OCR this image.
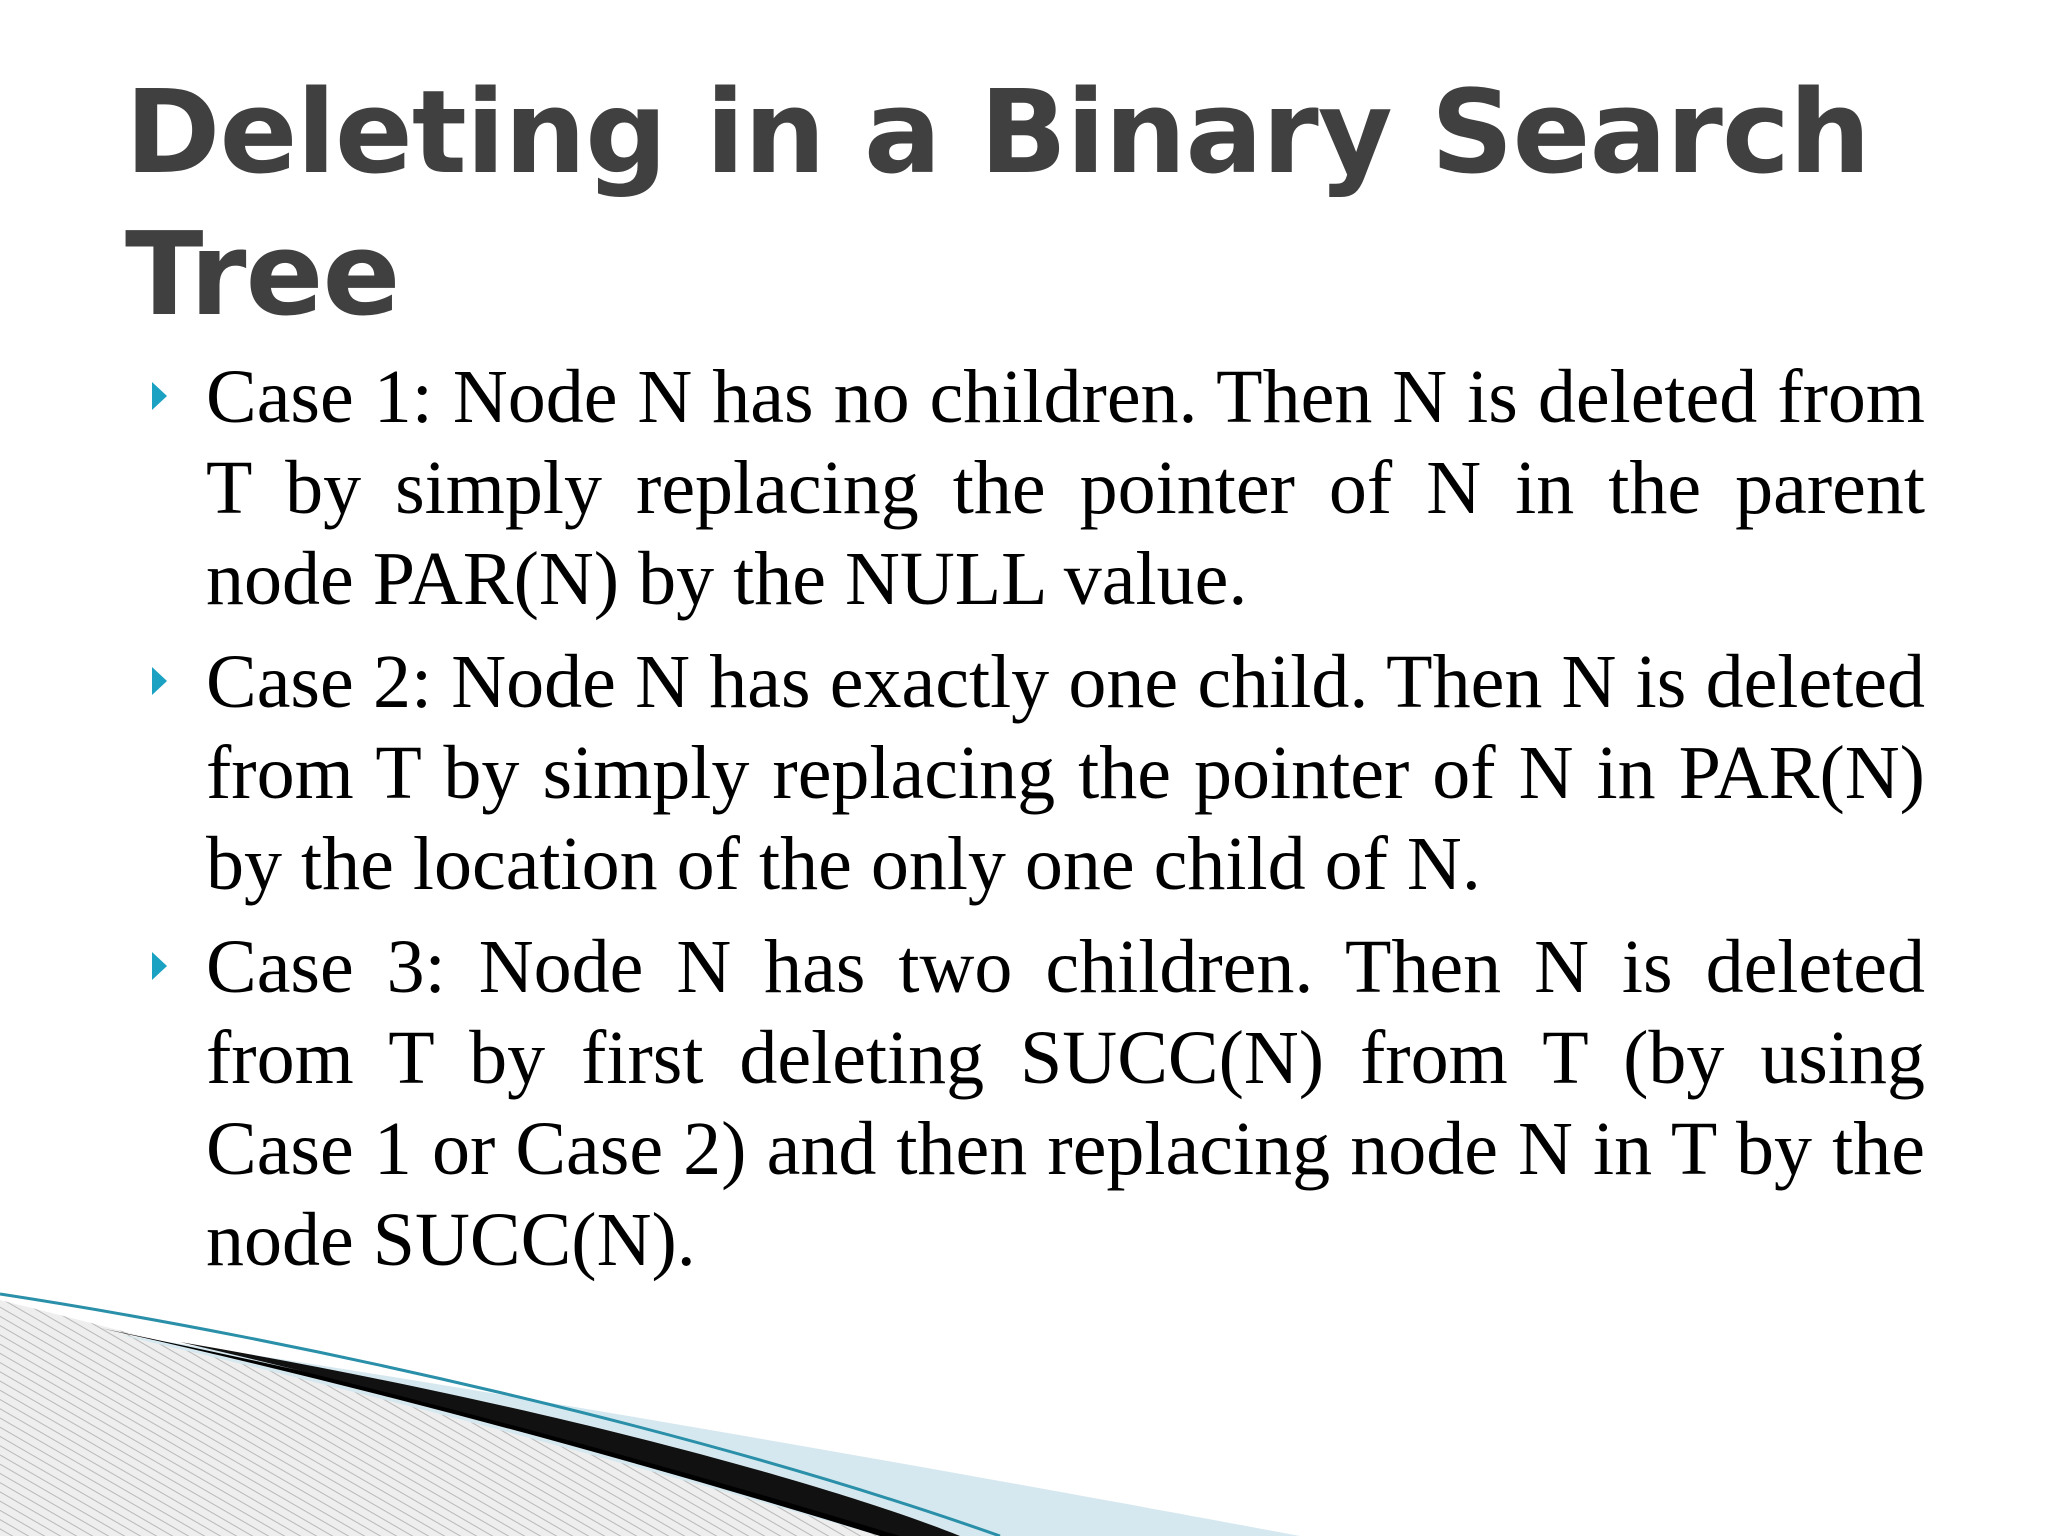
Deleting in a Binary Search Tree
Case 1: Node N has no children. Then N is deleted from T by simply replacing the pointer of N in the parent node PAR(N) by the NULL value.
Case 2: Node N has exactly one child. Then N is deleted from T by simply replacing the pointer of N in PAR(N) by the location of the only one child of N.
Case 3: Node N has two children. Then N is deleted from T by first deleting SUCC(N) from T (by using Case 1 or Case 2) and then replacing node N in T by the node SUCC(N).
